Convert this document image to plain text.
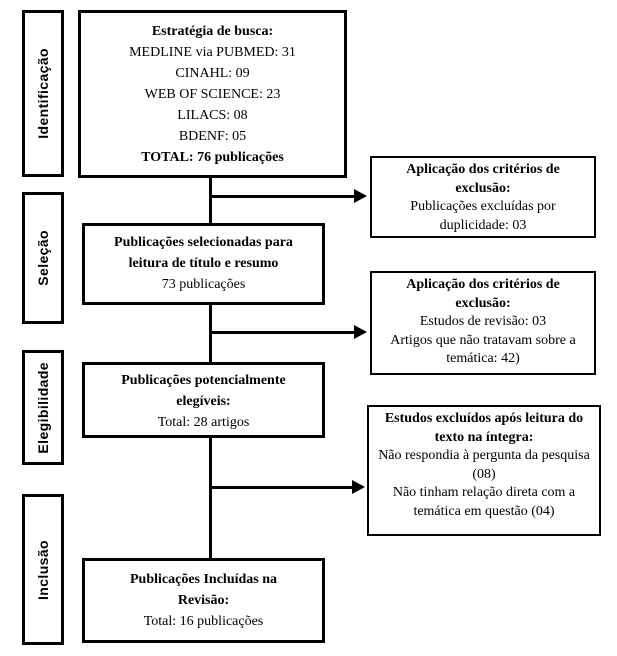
Identificação
Seleção
Elegibilidade
Inclusão
Estratégia de busca:
MEDLINE via PUBMED: 31
CINAHL: 09
WEB OF SCIENCE: 23
LILACS: 08
BDENF: 05
TOTAL: 76 publicações
Publicações selecionadas para
leitura de título e resumo
73 publicações
Publicações potencialmente
elegíveis:
Total: 28 artigos
Publicações Incluídas na
Revisão:
Total: 16 publicações
Aplicação dos critérios de
exclusão:
Publicações excluídas por
duplicidade: 03
Aplicação dos critérios de
exclusão:
Estudos de revisão: 03
Artigos que não tratavam sobre a
temática: 42)
Estudos excluídos após leitura do
texto na íntegra:
Não respondia à pergunta da pesquisa
(08)
Não tinham relação direta com a
temática em questão (04)
